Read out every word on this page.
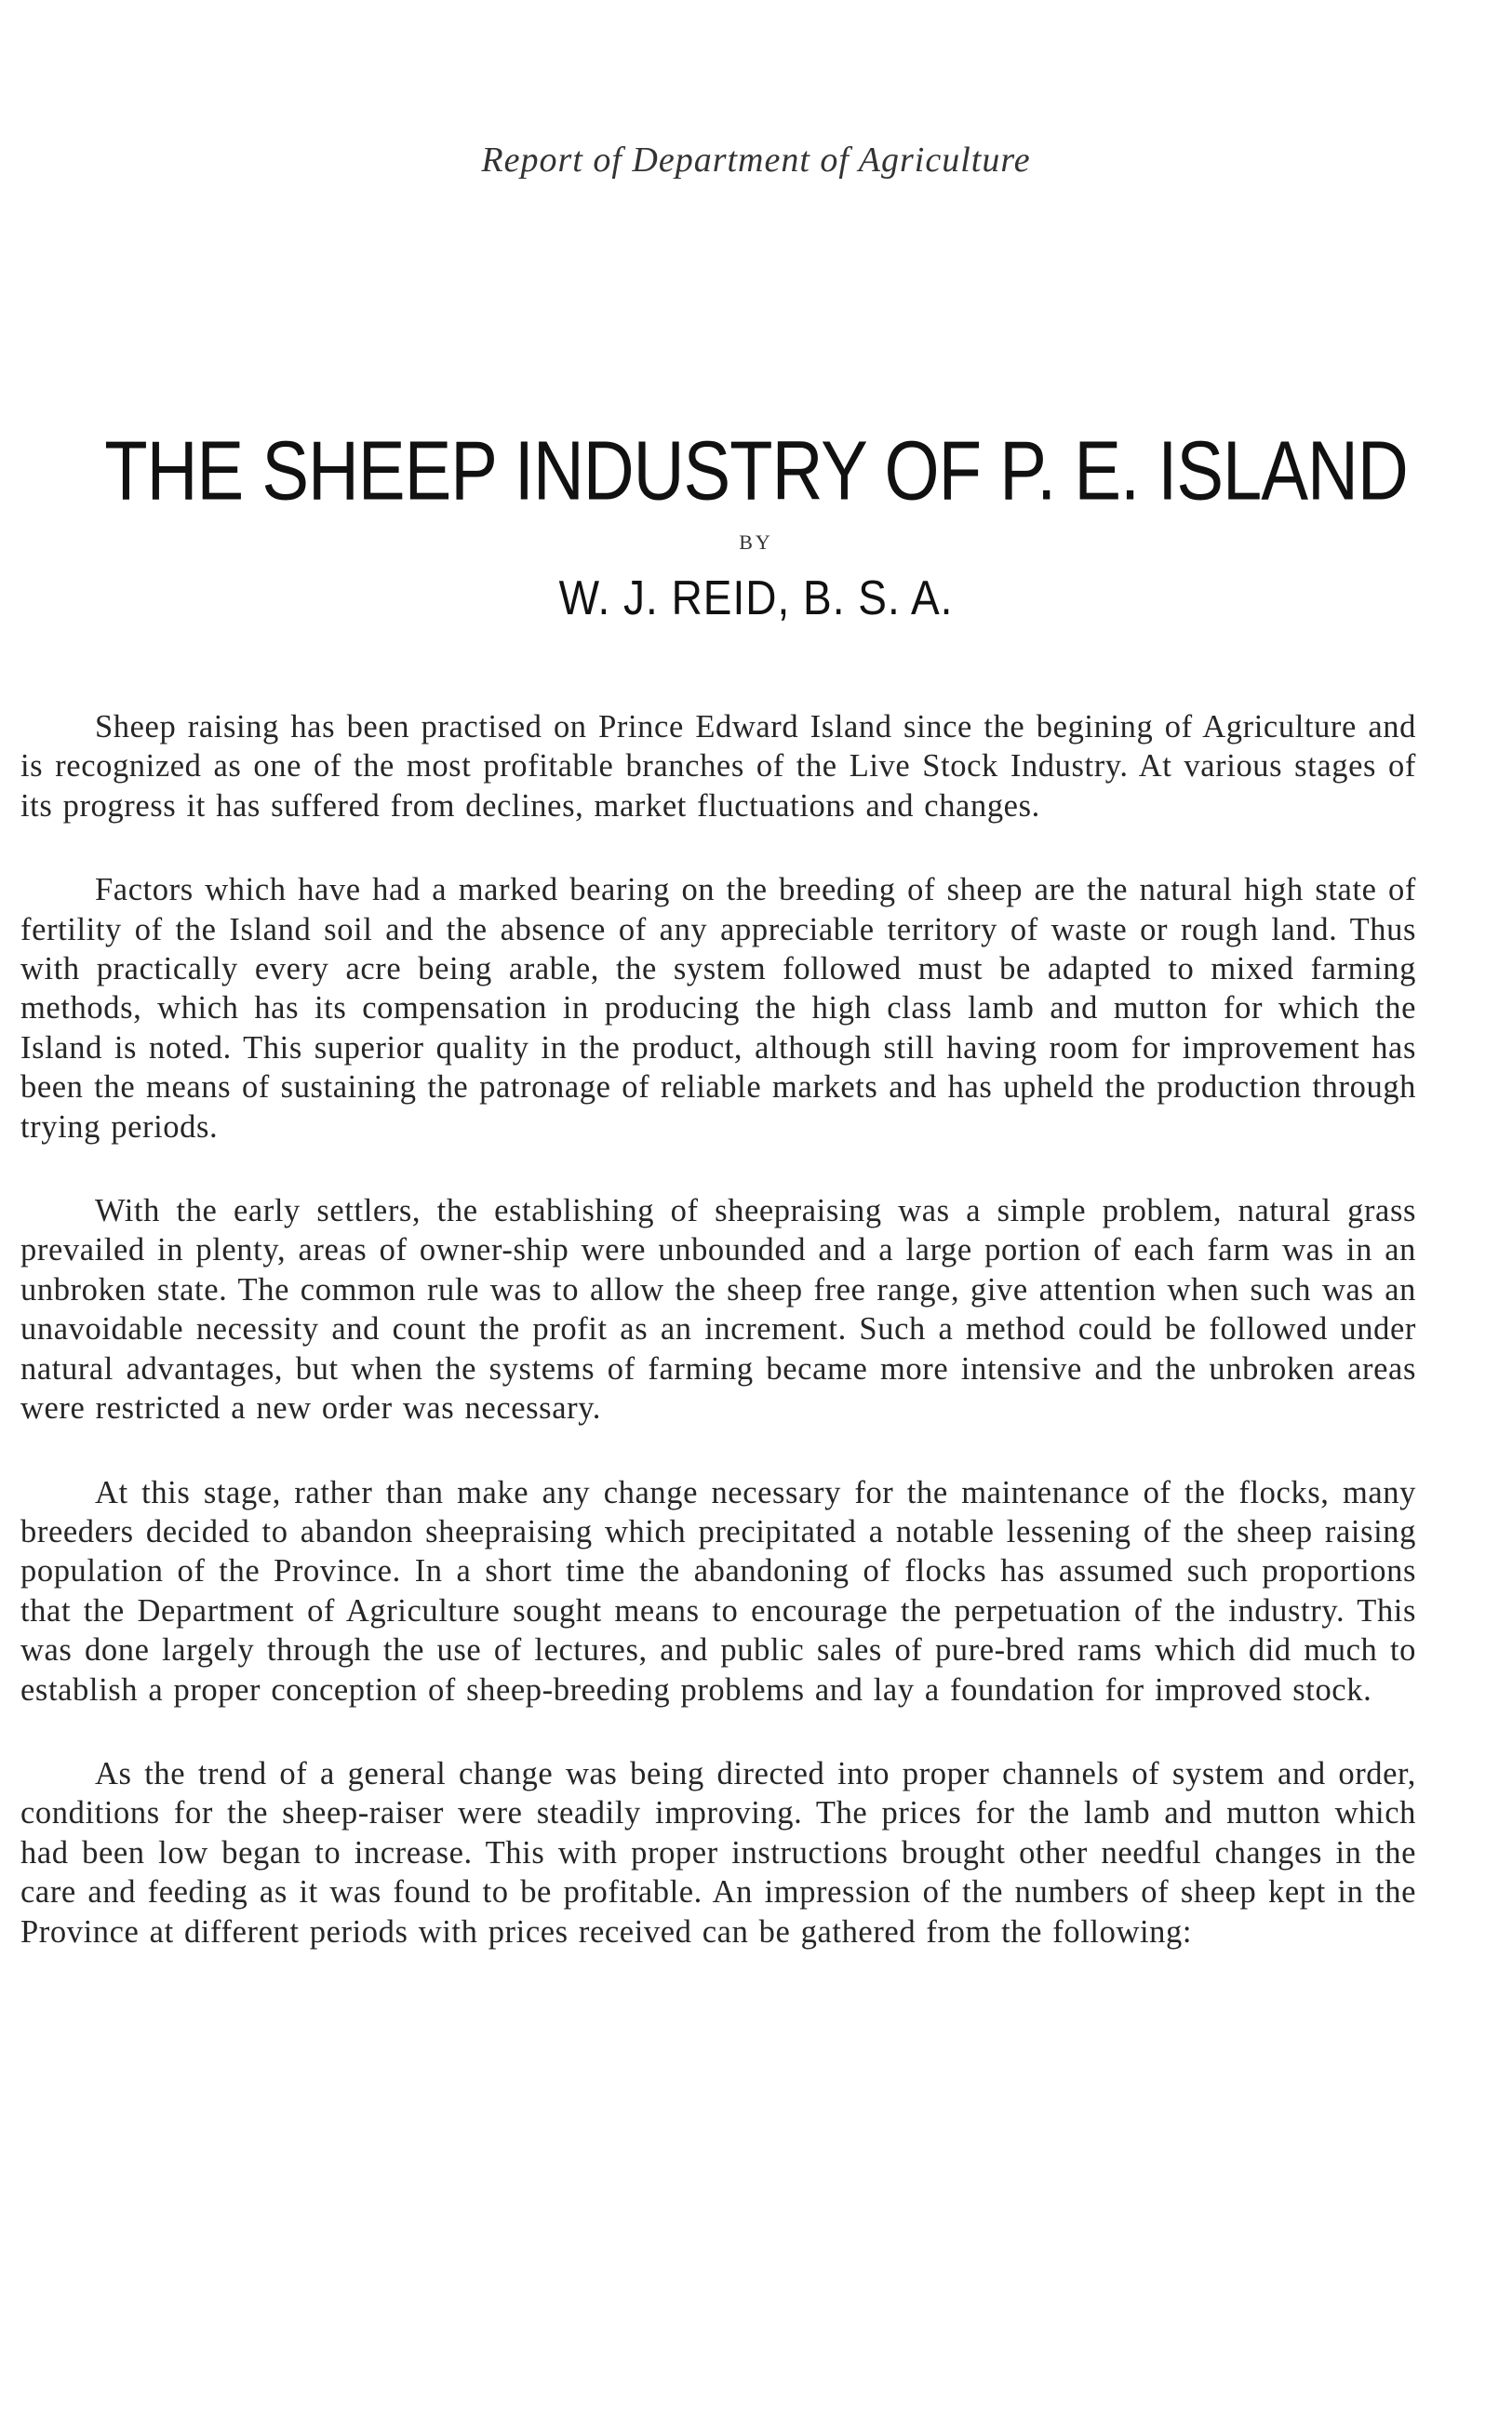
Report of Department of Agriculture
THE SHEEP INDUSTRY OF P. E. ISLAND
BY
W. J. REID, B. S. A.

Sheep raising has been practised on Prince Edward Island since the begining of Agriculture and is recognized as one of the most profitable branches of the Live Stock Industry. At various stages of its progress it has suffered from declines, market fluctuations and changes.

Factors which have had a marked bearing on the breeding of sheep are the natural high state of fertility of the Island soil and the absence of any appreciable territory of waste or rough land. Thus with practically every acre being arable, the system followed must be adapted to mixed farming methods, which has its compensation in producing the high class lamb and mutton for which the Island is noted. This superior quality in the product, although still having room for improvement has been the means of sustaining the patronage of reliable markets and has upheld the production through trying periods.

With the early settlers, the establishing of sheepraising was a simple problem, natural grass prevailed in plenty, areas of owner-ship were unbounded and a large portion of each farm was in an unbroken state. The common rule was to allow the sheep free range, give attention when such was an unavoidable necessity and count the profit as an increment. Such a method could be followed under natural advantages, but when the systems of farming became more intensive and the unbroken areas were restricted a new order was necessary.

At this stage, rather than make any change necessary for the maintenance of the flocks, many breeders decided to abandon sheepraising which precipitated a notable lessening of the sheep raising population of the Province. In a short time the abandoning of flocks has assumed such proportions that the Department of Agriculture sought means to encourage the perpetuation of the industry. This was done largely through the use of lectures, and public sales of pure-bred rams which did much to establish a proper conception of sheep-breeding problems and lay a foundation for improved stock.

As the trend of a general change was being directed into proper channels of system and order, conditions for the sheep-raiser were steadily improving. The prices for the lamb and mutton which had been low began to increase. This with proper instructions brought other needful changes in the care and feeding as it was found to be profitable. An impression of the numbers of sheep kept in the Province at different periods with prices received can be gathered from the following:
